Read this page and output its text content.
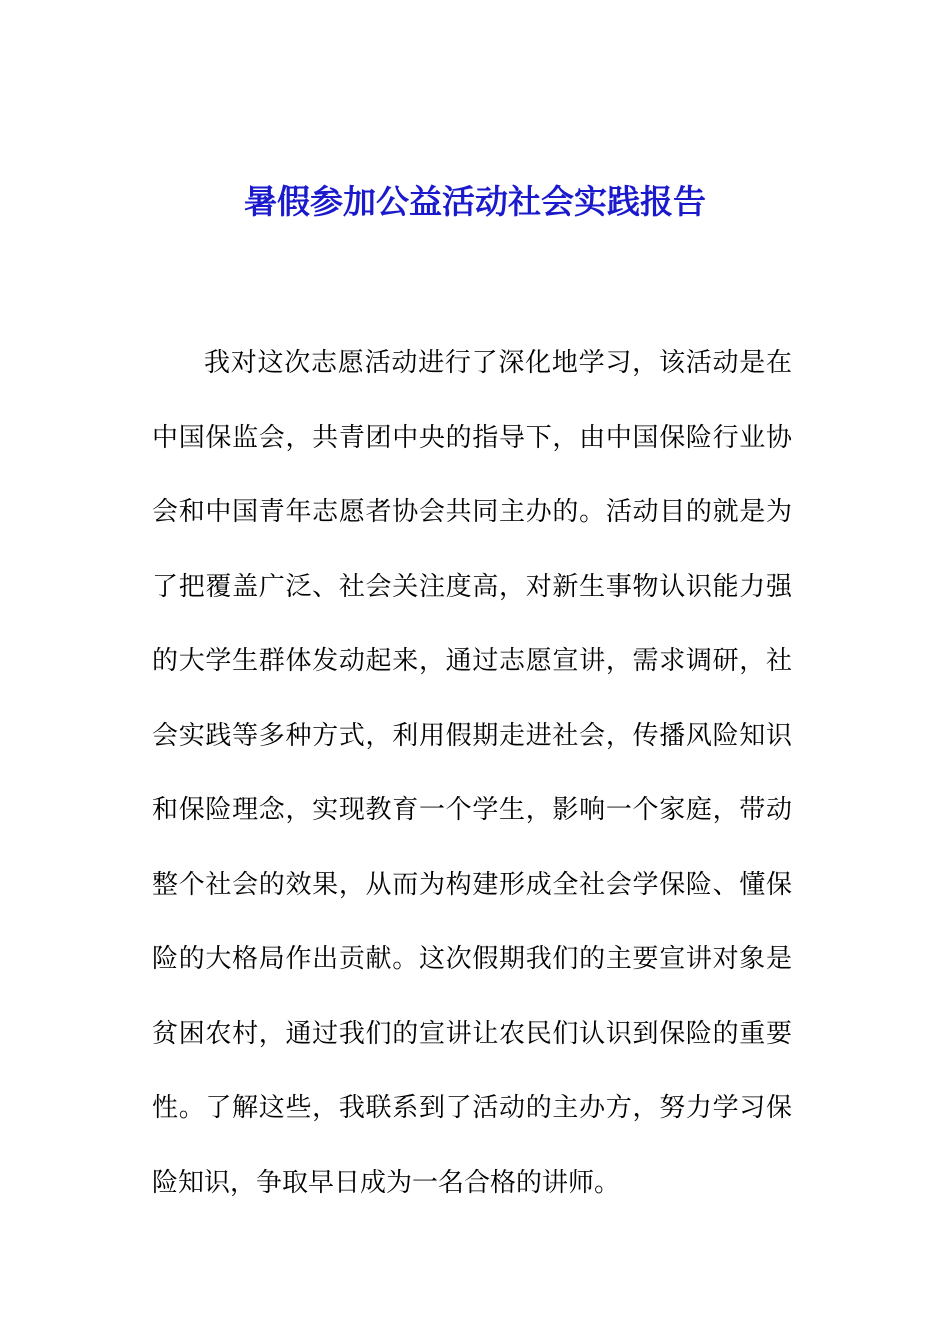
暑假参加公益活动社会实践报告

我对这次志愿活动进行了深化地学习，该活动是在中国保监会，共青团中央的指导下，由中国保险行业协会和中国青年志愿者协会共同主办的。活动目的就是为了把覆盖广泛、社会关注度高，对新生事物认识能力强的大学生群体发动起来，通过志愿宣讲，需求调研，社会实践等多种方式，利用假期走进社会，传播风险知识和保险理念，实现教育一个学生，影响一个家庭，带动整个社会的效果，从而为构建形成全社会学保险、懂保险的大格局作出贡献。这次假期我们的主要宣讲对象是贫困农村，通过我们的宣讲让农民们认识到保险的重要性。了解这些，我联系到了活动的主办方，努力学习保险知识，争取早日成为一名合格的讲师。
